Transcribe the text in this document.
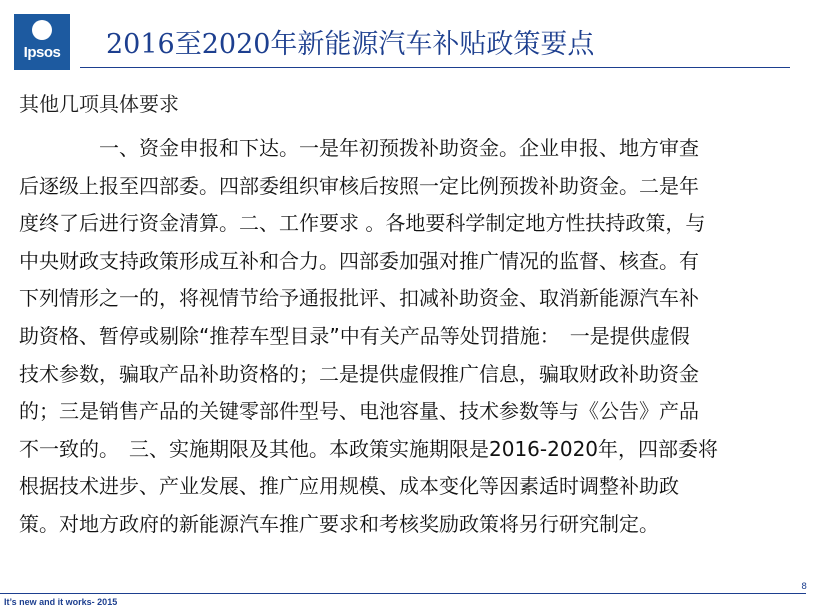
Ipsos	2016至2020年新能源汽车补贴政策要点
其他几项具体要求
　　　　一、资金申报和下达。一是年初预拨补助资金。企业申报、地方审查
后逐级上报至四部委。四部委组织审核后按照一定比例预拨补助资金。二是年
度终了后进行资金清算。二、工作要求 。各地要科学制定地方性扶持政策，与
中央财政支持政策形成互补和合力。四部委加强对推广情况的监督、核查。有
下列情形之一的，将视情节给予通报批评、扣减补助资金、取消新能源汽车补
助资格、暂停或剔除“推荐车型目录”中有关产品等处罚措施：　一是提供虚假
技术参数，骗取产品补助资格的；二是提供虚假推广信息，骗取财政补助资金
的；三是销售产品的关键零部件型号、电池容量、技术参数等与《公告》产品
不一致的。　三、实施期限及其他。本政策实施期限是2016-2020年，四部委将
根据技术进步、产业发展、推广应用规模、成本变化等因素适时调整补助政
策。对地方政府的新能源汽车推广要求和考核奖励政策将另行研究制定。
8
It’s new and it works- 2015
